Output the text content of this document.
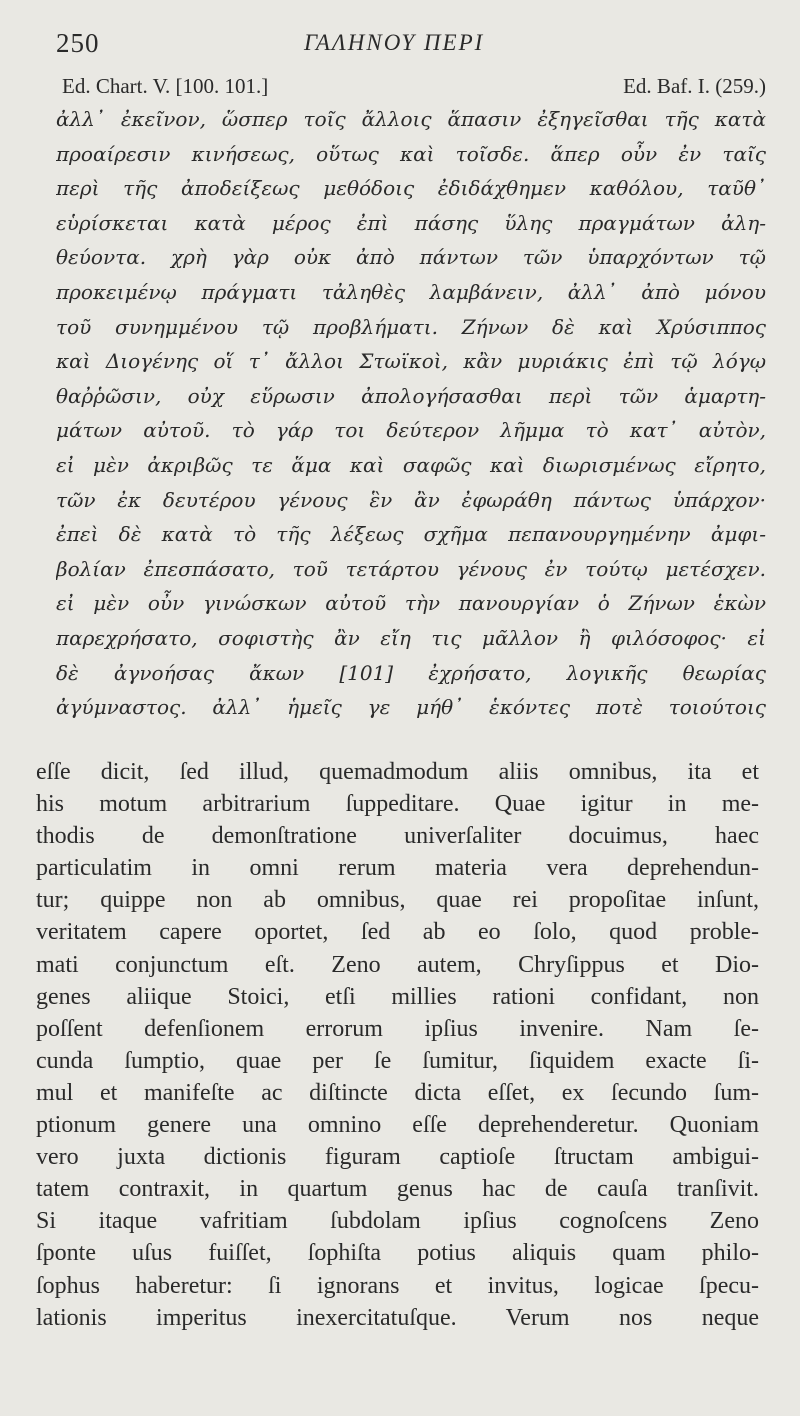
250	ΓΑΛΗΝΟΥ ΠΕΡΙ
Ed. Chart. V. [100. 101.]	Ed. Baf. I. (259.)
ἀλλ᾽ ἐκεῖνον, ὥσπερ τοῖς ἄλλοις ἅπασιν ἐξηγεῖσθαι τῆς κατὰ
προαίρεσιν κινήσεως, οὕτως καὶ τοῖσδε. ἅπερ οὖν ἐν ταῖς
περὶ τῆς ἀποδείξεως μεθόδοις ἐδιδάχθημεν καθόλου, ταῦθ᾽
εὑρίσκεται κατὰ μέρος ἐπὶ πάσης ὕλης πραγμάτων ἀλη-
θεύοντα. χρὴ γὰρ οὐκ ἀπὸ πάντων τῶν ὑπαρχόντων τῷ
προκειμένῳ πράγματι τἀληθὲς λαμβάνειν, ἀλλ᾽ ἀπὸ μόνου
τοῦ συνημμένου τῷ προβλήματι. Ζήνων δὲ καὶ Χρύσιππος
καὶ Διογένης οἵ τ᾽ ἄλλοι Στωϊκοὶ, κἂν μυριάκις ἐπὶ τῷ λόγῳ
θαῤῥῶσιν, οὐχ εὕρωσιν ἀπολογήσασθαι περὶ τῶν ἁμαρτη-
μάτων αὐτοῦ. τὸ γάρ τοι δεύτερον λῆμμα τὸ κατ᾽ αὐτὸν,
εἰ μὲν ἀκριβῶς τε ἅμα καὶ σαφῶς καὶ διωρισμένως εἴρητο,
τῶν ἐκ δευτέρου γένους ἓν ἂν ἐφωράθη πάντως ὑπάρχον·
ἐπεὶ δὲ κατὰ τὸ τῆς λέξεως σχῆμα πεπανουργημένην ἀμφι-
βολίαν ἐπεσπάσατο, τοῦ τετάρτου γένους ἐν τούτῳ μετέσχεν.
εἰ μὲν οὖν γινώσκων αὐτοῦ τὴν πανουργίαν ὁ Ζήνων ἑκὼν
παρεχρήσατο, σοφιστὴς ἂν εἴη τις μᾶλλον ἢ φιλόσοφος· εἰ
δὲ ἀγνοήσας ἄκων [101] ἐχρήσατο, λογικῆς θεωρίας
ἀγύμναστος. ἀλλ᾽ ἡμεῖς γε μήθ᾽ ἑκόντες ποτὲ τοιούτοις
eſſe dicit, ſed illud, quemadmodum aliis omnibus, ita et
his motum arbitrarium ſuppeditare. Quae igitur in me-
thodis de demonſtratione univerſaliter docuimus, haec
particulatim in omni rerum materia vera deprehendun-
tur; quippe non ab omnibus, quae rei propoſitae inſunt,
veritatem capere oportet, ſed ab eo ſolo, quod proble-
mati conjunctum eſt. Zeno autem, Chryſippus et Dio-
genes aliique Stoici, etſi millies rationi confidant, non
poſſent defenſionem errorum ipſius invenire. Nam ſe-
cunda ſumptio, quae per ſe ſumitur, ſiquidem exacte ſi-
mul et manifeſte ac diſtincte dicta eſſet, ex ſecundo ſum-
ptionum genere una omnino eſſe deprehenderetur. Quoniam
vero juxta dictionis figuram captioſe ſtructam ambigui-
tatem contraxit, in quartum genus hac de cauſa tranſivit.
Si itaque vafritiam ſubdolam ipſius cognoſcens Zeno
ſponte uſus fuiſſet, ſophiſta potius aliquis quam philo-
ſophus haberetur: ſi ignorans et invitus, logicae ſpecu-
lationis imperitus inexercitatuſque. Verum nos neque
